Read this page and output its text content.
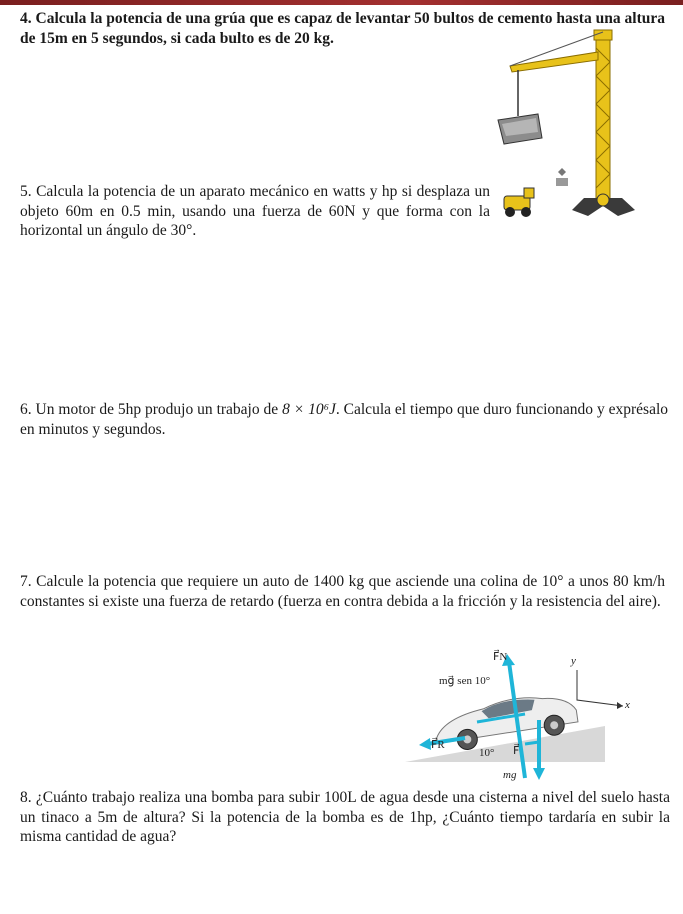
4. Calcula la potencia de una grúa que es capaz de levantar 50 bultos de cemento hasta una altura de 15m en 5 segundos, si cada bulto es de 20 kg.

5. Calcula la potencia de un aparato mecánico en watts y hp si desplaza un objeto 60m en 0.5 min, usando una fuerza de 60N y que forma con la horizontal un ángulo de 30°.

6. Un motor de 5hp produjo un trabajo de 8 × 10⁶J. Calcula el tiempo que duro funcionando y exprésalo en minutos y segundos.

7. Calcule la potencia que requiere un auto de 1400 kg que asciende una colina de 10° a unos 80 km/h constantes si existe una fuerza de retardo (fuerza en contra debida a la fricción y la resistencia del aire).

F⃗N	y
mg⃗ sen 10°
x
F⃗R
10° F⃗
mg⃗

8. ¿Cuánto trabajo realiza una bomba para subir 100L de agua desde una cisterna a nivel del suelo hasta un tinaco a 5m de altura? Si la potencia de la bomba es de 1hp, ¿Cuánto tiempo tardaría en subir la misma cantidad de agua?
